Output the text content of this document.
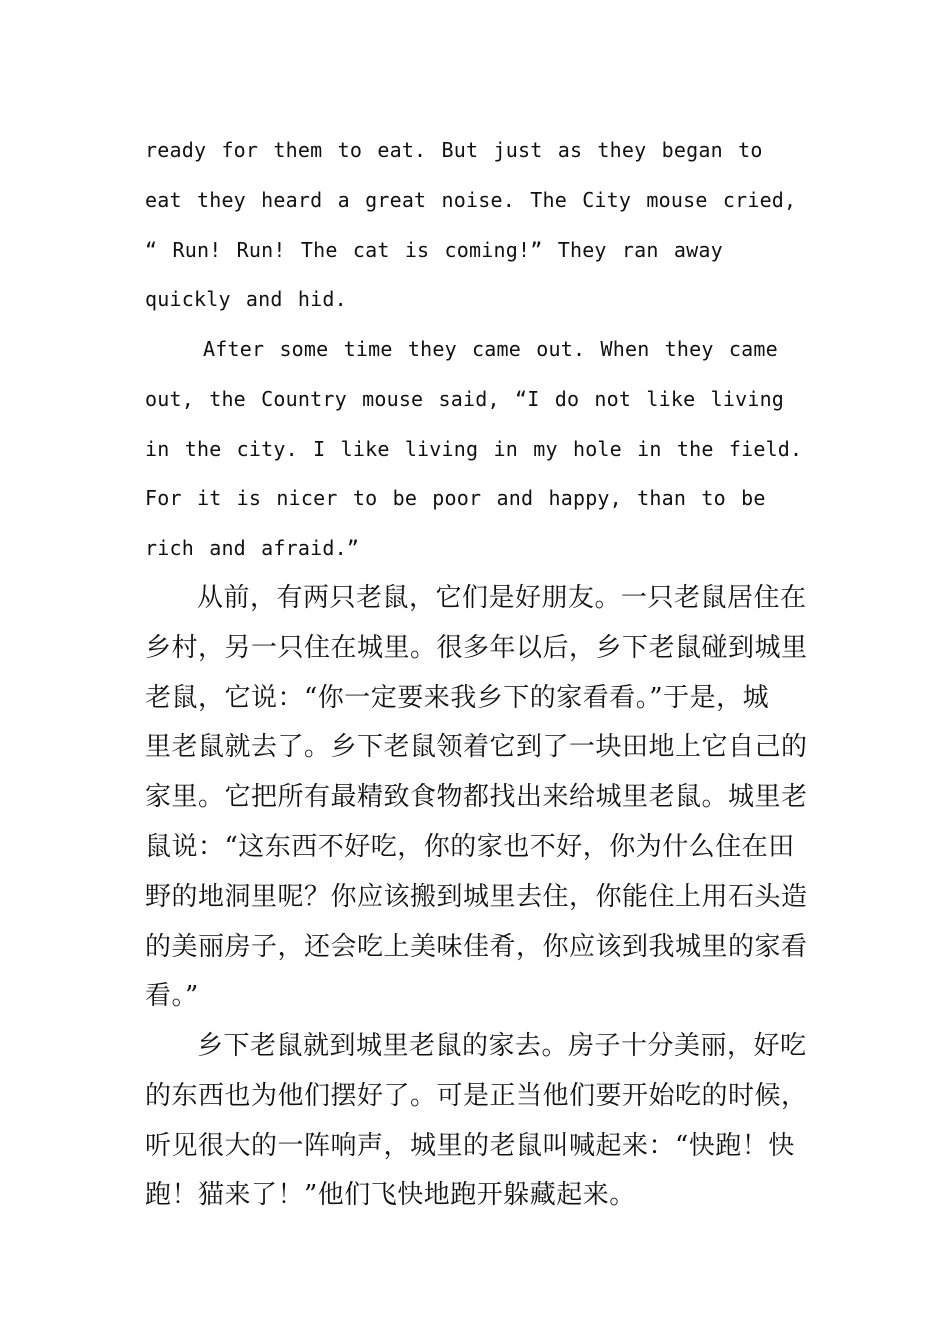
ready for them to eat. But just as they began to
eat they heard a great noise. The City mouse cried,
“ Run! Run! The cat is coming!” They ran away
quickly and hid.

After some time they came out. When they came
out, the Country mouse said, “I do not like living
in the city. I like living in my hole in the field.
For it is nicer to be poor and happy, than to be
rich and afraid.”

从前，有两只老鼠，它们是好朋友。一只老鼠居住在
乡村，另一只住在城里。很多年以后，乡下老鼠碰到城里
老鼠，它说：“你一定要来我乡下的家看看。”于是，城
里老鼠就去了。乡下老鼠领着它到了一块田地上它自己的
家里。它把所有最精致食物都找出来给城里老鼠。城里老
鼠说：“这东西不好吃，你的家也不好，你为什么住在田
野的地洞里呢？你应该搬到城里去住，你能住上用石头造
的美丽房子，还会吃上美味佳肴，你应该到我城里的家看
看。”

乡下老鼠就到城里老鼠的家去。房子十分美丽，好吃
的东西也为他们摆好了。可是正当他们要开始吃的时候，
听见很大的一阵响声，城里的老鼠叫喊起来：“快跑！快
跑！猫来了！”他们飞快地跑开躲藏起来。
